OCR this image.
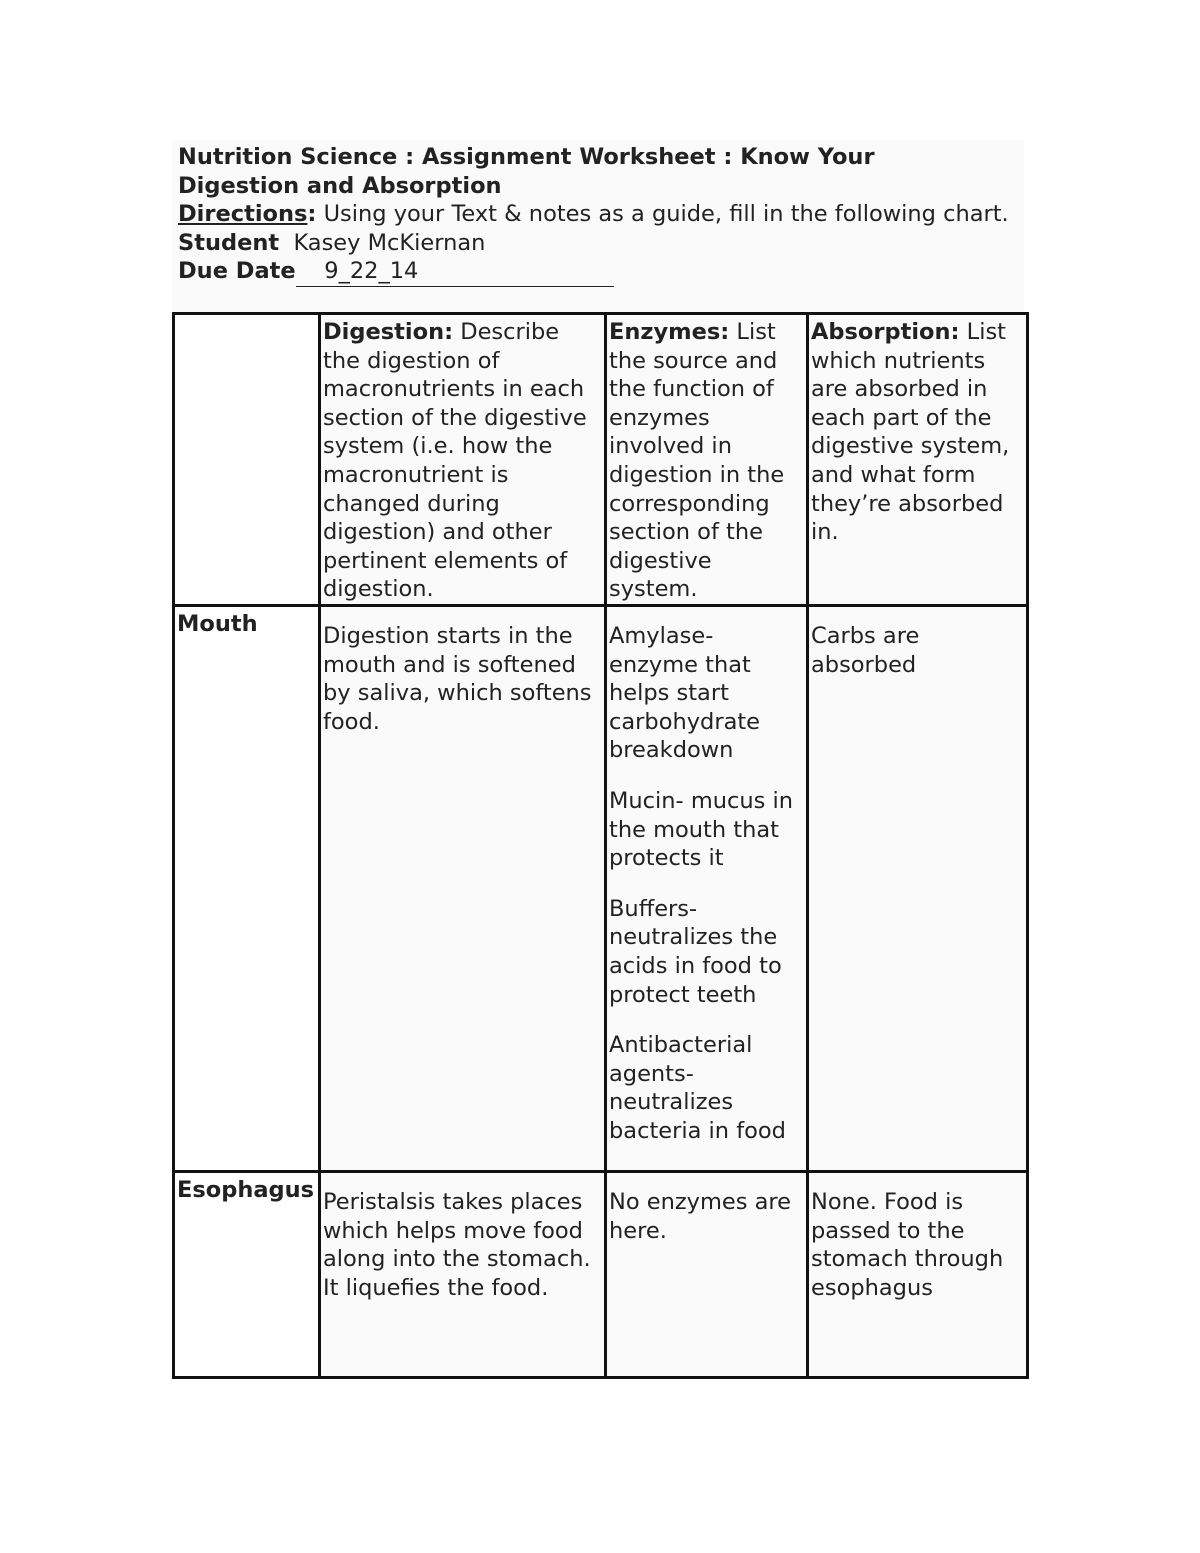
Nutrition Science : Assignment Worksheet : Know Your
Digestion and Absorption
Directions: Using your Text & notes as a guide, fill in the following chart.
Student Kasey McKiernan
Due Date 9_22_14
	Digestion: Describe the digestion of macronutrients in each section of the digestive system (i.e. how the macronutrient is changed during digestion) and other pertinent elements of digestion.	Enzymes: List the source and the function of enzymes involved in digestion in the corresponding section of the digestive system.	Absorption: List which nutrients are absorbed in each part of the digestive system, and what form they’re absorbed in.
Mouth	Digestion starts in the mouth and is softened by saliva, which softens food.	Amylase- enzyme that helps start carbohydrate breakdown

Mucin- mucus in the mouth that protects it

Buffers- neutralizes the acids in food to protect teeth

Antibacterial agents- neutralizes bacteria in food	Carbs are absorbed

Esophagus	Peristalsis takes places which helps move food along into the stomach. It liquefies the food.	No enzymes are here.	None. Food is passed to the stomach through esophagus
